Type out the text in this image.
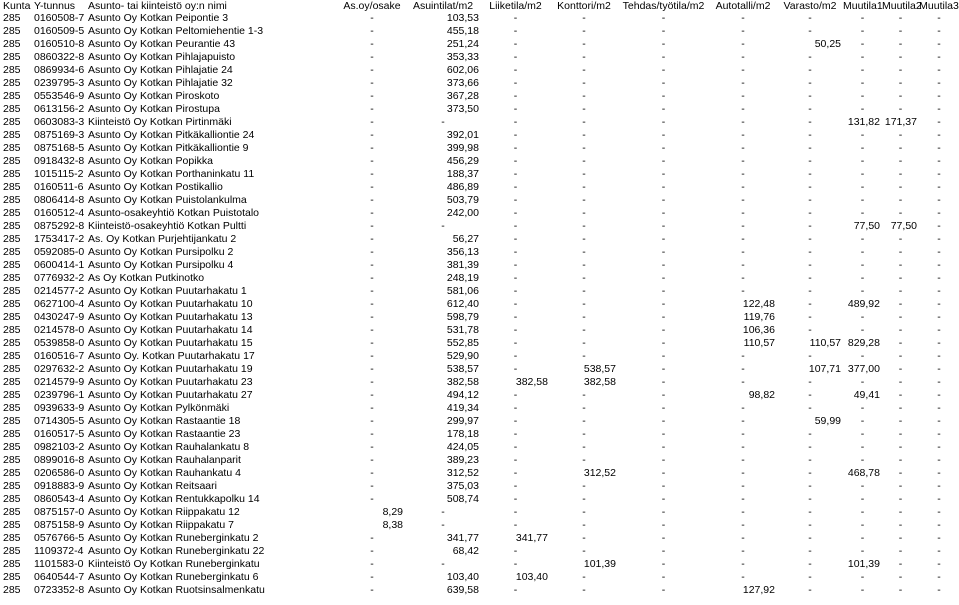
Kunta	Y-tunnus	Asunto- tai kiinteistö oy:n nimi	As.oy/osake	Asuintilat/m2	Liiketila/m2	Konttori/m2	Tehdas/työtila/m2	Autotalli/m2	Varasto/m2	Muutila1	Muutila2	Muutila3
285	0160508-7	Asunto Oy Kotkan Peipontie 3	-	103,53	-	-	-	-	-	-	-	-
285	0160509-5	Asunto Oy Kotkan Peltomiehentie 1-3	-	455,18	-	-	-	-	-	-	-	-
285	0160510-8	Asunto Oy Kotkan Peurantie 43	-	251,24	-	-	-	-	50,25	-	-	-
285	0860322-8	Asunto Oy Kotkan Pihlajapuisto	-	353,33	-	-	-	-	-	-	-	-
285	0869934-6	Asunto Oy Kotkan Pihlajatie 24	-	602,06	-	-	-	-	-	-	-	-
285	0239795-3	Asunto Oy Kotkan Pihlajatie 32	-	373,66	-	-	-	-	-	-	-	-
285	0553546-9	Asunto Oy Kotkan Piroskoto	-	367,28	-	-	-	-	-	-	-	-
285	0613156-2	Asunto Oy Kotkan Pirostupa	-	373,50	-	-	-	-	-	-	-	-
285	0603083-3	Kiinteistö Oy Kotkan Pirtinmäki	-	-	-	-	-	-	-	131,82	171,37	-
285	0875169-3	Asunto Oy Kotkan Pitkäkalliontie 24	-	392,01	-	-	-	-	-	-	-	-
285	0875168-5	Asunto Oy Kotkan Pitkäkalliontie 9	-	399,98	-	-	-	-	-	-	-	-
285	0918432-8	Asunto Oy Kotkan Popikka	-	456,29	-	-	-	-	-	-	-	-
285	1015115-2	Asunto Oy Kotkan Porthaninkatu 11	-	188,37	-	-	-	-	-	-	-	-
285	0160511-6	Asunto Oy Kotkan Postikallio	-	486,89	-	-	-	-	-	-	-	-
285	0806414-8	Asunto Oy Kotkan Puistolankulma	-	503,79	-	-	-	-	-	-	-	-
285	0160512-4	Asunto-osakeyhtiö Kotkan Puistotalo	-	242,00	-	-	-	-	-	-	-	-
285	0875292-8	Kiinteistö-osakeyhtiö Kotkan Pultti	-	-	-	-	-	-	-	77,50	77,50	-
285	1753417-2	As. Oy Kotkan Purjehtijankatu 2	-	56,27	-	-	-	-	-	-	-	-
285	0592085-0	Asunto Oy Kotkan Pursipolku 2	-	356,13	-	-	-	-	-	-	-	-
285	0600414-1	Asunto Oy Kotkan Pursipolku 4	-	381,39	-	-	-	-	-	-	-	-
285	0776932-2	As Oy Kotkan Putkinotko	-	248,19	-	-	-	-	-	-	-	-
285	0214577-2	Asunto Oy Kotkan Puutarhakatu 1	-	581,06	-	-	-	-	-	-	-	-
285	0627100-4	Asunto Oy Kotkan Puutarhakatu 10	-	612,40	-	-	-	122,48	-	489,92	-	-
285	0430247-9	Asunto Oy Kotkan Puutarhakatu 13	-	598,79	-	-	-	119,76	-	-	-	-
285	0214578-0	Asunto Oy Kotkan Puutarhakatu 14	-	531,78	-	-	-	106,36	-	-	-	-
285	0539858-0	Asunto Oy Kotkan Puutarhakatu 15	-	552,85	-	-	-	110,57	110,57	829,28	-	-
285	0160516-7	Asunto Oy. Kotkan Puutarhakatu 17	-	529,90	-	-	-	-	-	-	-	-
285	0297632-2	Asunto Oy Kotkan Puutarhakatu 19	-	538,57	-	538,57	-	-	107,71	377,00	-	-
285	0214579-9	Asunto Oy Kotkan Puutarhakatu 23	-	382,58	382,58	382,58	-	-	-	-	-	-
285	0239796-1	Asunto Oy Kotkan Puutarhakatu 27	-	494,12	-	-	-	98,82	-	49,41	-	-
285	0939633-9	Asunto Oy Kotkan Pylkönmäki	-	419,34	-	-	-	-	-	-	-	-
285	0714305-5	Asunto Oy Kotkan Rastaantie 18	-	299,97	-	-	-	-	59,99	-	-	-
285	0160517-5	Asunto Oy Kotkan Rastaantie 23	-	178,18	-	-	-	-	-	-	-	-
285	0982103-2	Asunto Oy Kotkan Rauhalankatu 8	-	424,05	-	-	-	-	-	-	-	-
285	0899016-8	Asunto Oy Kotkan Rauhalanparit	-	389,23	-	-	-	-	-	-	-	-
285	0206586-0	Asunto Oy Kotkan Rauhankatu 4	-	312,52	-	312,52	-	-	-	468,78	-	-
285	0918883-9	Asunto Oy Kotkan Reitsaari	-	375,03	-	-	-	-	-	-	-	-
285	0860543-4	Asunto Oy Kotkan Rentukkapolku 14	-	508,74	-	-	-	-	-	-	-	-
285	0875157-0	Asunto Oy Kotkan Riippakatu 12	8,29	-	-	-	-	-	-	-	-	-
285	0875158-9	Asunto Oy Kotkan Riippakatu 7	8,38	-	-	-	-	-	-	-	-	-
285	0576766-5	Asunto Oy Kotkan Runeberginkatu 2	-	341,77	341,77	-	-	-	-	-	-	-
285	1109372-4	Asunto Oy Kotkan Runeberginkatu 22	-	68,42	-	-	-	-	-	-	-	-
285	1101583-0	Kiinteistö Oy Kotkan Runeberginkatu	-	-	-	101,39	-	-	-	101,39	-	-
285	0640544-7	Asunto Oy Kotkan Runeberginkatu 6	-	103,40	103,40	-	-	-	-	-	-	-
285	0723352-8	Asunto Oy Kotkan Ruotsinsalmenkatu	-	639,58	-	-	-	127,92	-	-	-	-
